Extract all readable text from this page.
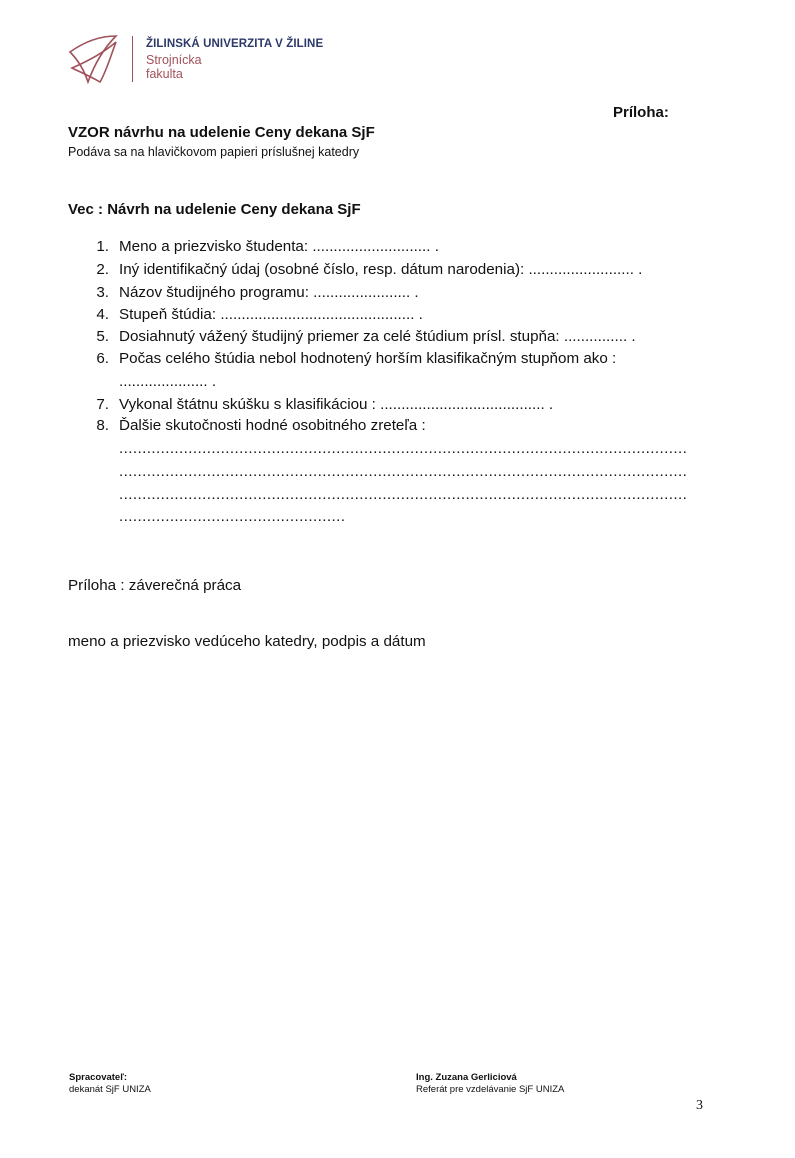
ŽILINSKÁ UNIVERZITA V ŽILINE
Strojnícka
fakulta
Príloha:
VZOR návrhu na udelenie Ceny dekana SjF
Podáva sa na hlavičkovom papieri príslušnej katedry
Vec : Návrh na udelenie Ceny dekana SjF
1. Meno a priezvisko študenta: ............................ .
2. Iný identifikačný údaj (osobné číslo, resp. dátum narodenia): ......................... .
3. Názov študijného programu: ....................... .
4. Stupeň štúdia: .............................................. .
5. Dosiahnutý vážený študijný priemer za celé štúdium prísl. stupňa: ............... .
6. Počas celého štúdia nebol hodnotený horším klasifikačným stupňom ako :
..................... .
7. Vykonal štátnu skúšku s klasifikáciou : ....................................... .
8. Ďalšie skutočnosti hodné osobitného zreteľa :
...........................................................................................................................
...........................................................................................................................
...........................................................................................................................
.................................................
Príloha : záverečná práca
meno a priezvisko vedúceho katedry, podpis a dátum
Spracovateľ:
dekanát SjF UNIZA
Ing. Zuzana Gerliciová
Referát pre vzdelávanie SjF UNIZA
3
